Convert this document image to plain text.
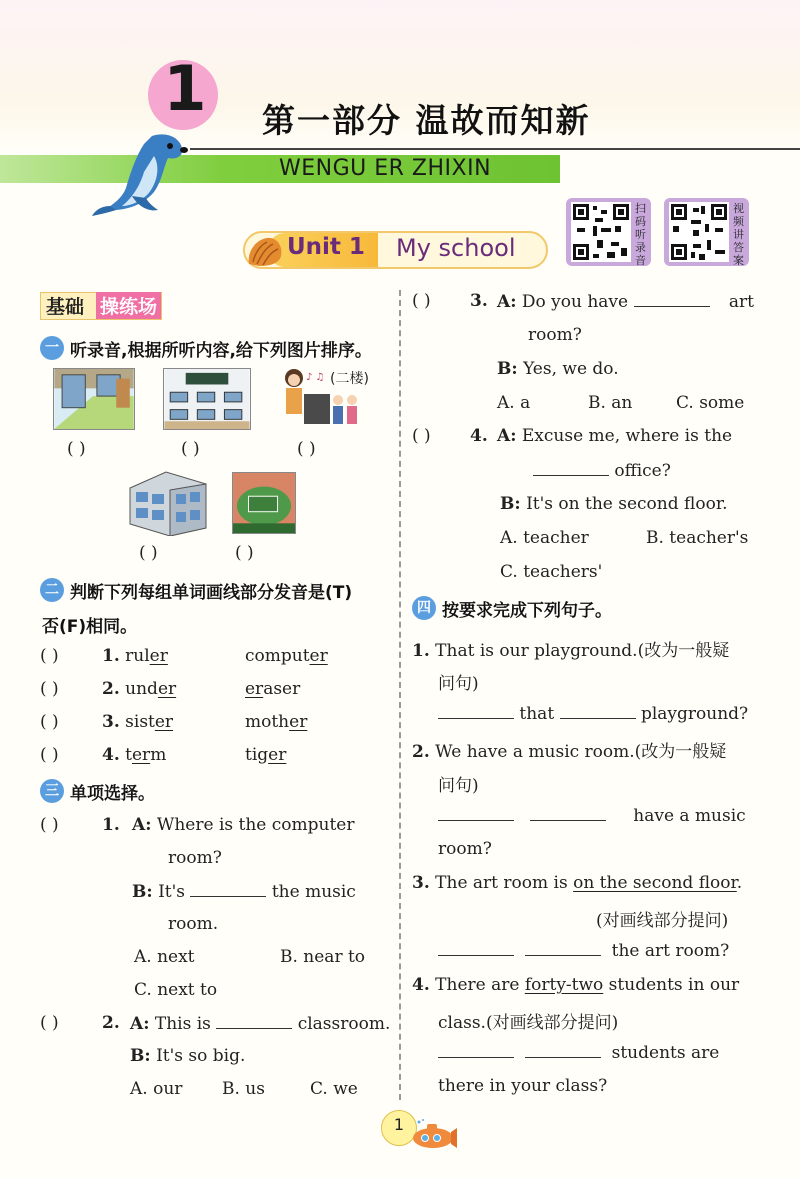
1	第一部分 温故而知新
WENGU ER ZHIXIN
扫码听录音
视频讲答案
Unit 1 My school
基础 操练场
一 听录音,根据所听内容,给下列图片排序。
♪ ♫ (二楼)
( )	( )	( )
( )	( )
二 判断下列每组单词画线部分发音是(T)
否(F)相同。
( )	1. ruler	computer
( )	2. under	eraser
( )	3. sister	mother
( )	4. term	tiger
三 单项选择。
( )	1. A: Where is the computer
room?
B: It's	the music
room.
A. next	B. near to
C. next to
( )	2. A: This is	classroom.
B: It's so big.
A. our B. us	C. we
( ) 3. A: Do you have	art
room?
B: Yes, we do.
A. a	B. an	C. some
( ) 4. A: Excuse me, where is the
office?
B: It's on the second floor.
A. teacher	B. teacher's
C. teachers'
四 按要求完成下列句子。
1. That is our playground.(改为一般疑
问句)
that	playground?
2. We have a music room.(改为一般疑
问句)
have a music
room?
3. The art room is on the second floor.
(对画线部分提问)
the art room?
4. There are forty-two students in our
class.(对画线部分提问)
students are
there in your class?
1
